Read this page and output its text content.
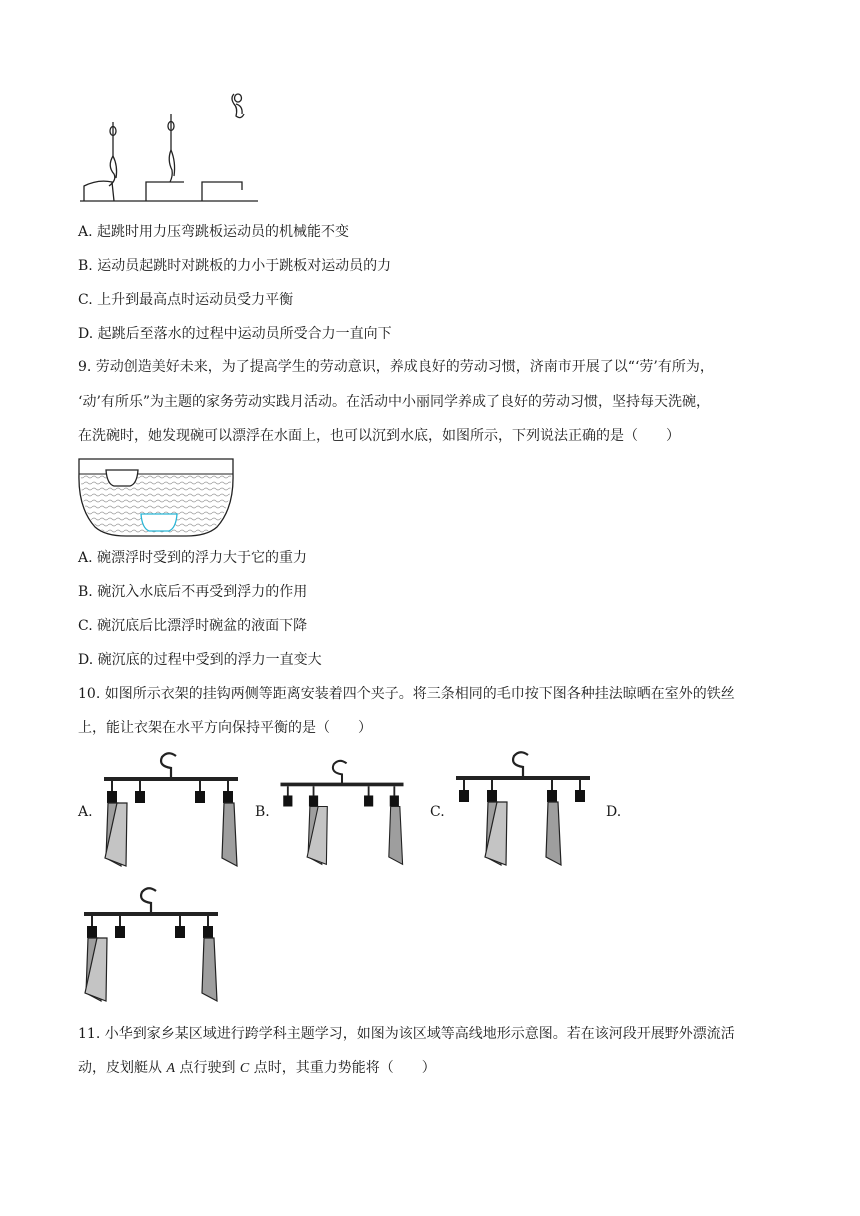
A. 起跳时用力压弯跳板运动员的机械能不变
B. 运动员起跳时对跳板的力小于跳板对运动员的力
C. 上升到最高点时运动员受力平衡
D. 起跳后至落水的过程中运动员所受合力一直向下
9. 劳动创造美好未来，为了提高学生的劳动意识，养成良好的劳动习惯，济南市开展了以“‘劳’有所为，
‘动’有所乐”为主题的家务劳动实践月活动。在活动中小丽同学养成了良好的劳动习惯，坚持每天洗碗，
在洗碗时，她发现碗可以漂浮在水面上，也可以沉到水底，如图所示，下列说法正确的是（　　）
A. 碗漂浮时受到的浮力大于它的重力
B. 碗沉入水底后不再受到浮力的作用
C. 碗沉底后比漂浮时碗盆的液面下降
D. 碗沉底的过程中受到的浮力一直变大
10. 如图所示衣架的挂钩两侧等距离安装着四个夹子。将三条相同的毛巾按下图各种挂法晾晒在室外的铁丝
上，能让衣架在水平方向保持平衡的是（　　）
A.	B.	C.	D.
11. 小华到家乡某区域进行跨学科主题学习，如图为该区域等高线地形示意图。若在该河段开展野外漂流活
动，皮划艇从 A 点行驶到 C 点时，其重力势能将（　　）
